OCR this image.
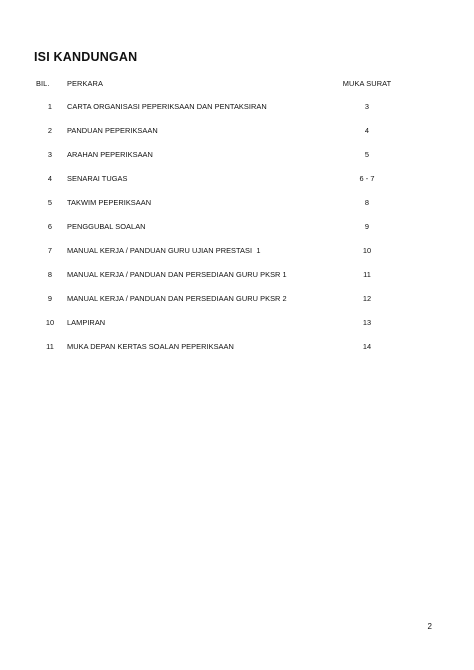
ISI KANDUNGAN
BIL. PERKARA	MUKA SURAT
1	CARTA ORGANISASI PEPERIKSAAN DAN PENTAKSIRAN	3
2	PANDUAN PEPERIKSAAN	4
3	ARAHAN PEPERIKSAAN	5
4	SENARAI TUGAS	6 - 7
5	TAKWIM PEPERIKSAAN	8
6	PENGGUBAL SOALAN	9
7	MANUAL KERJA / PANDUAN GURU UJIAN PRESTASI  1	10
8	MANUAL KERJA / PANDUAN DAN PERSEDIAAN GURU PKSR 1	11
9	MANUAL KERJA / PANDUAN DAN PERSEDIAAN GURU PKSR 2	12
10	LAMPIRAN	13
11	MUKA DEPAN KERTAS SOALAN PEPERIKSAAN	14
2
